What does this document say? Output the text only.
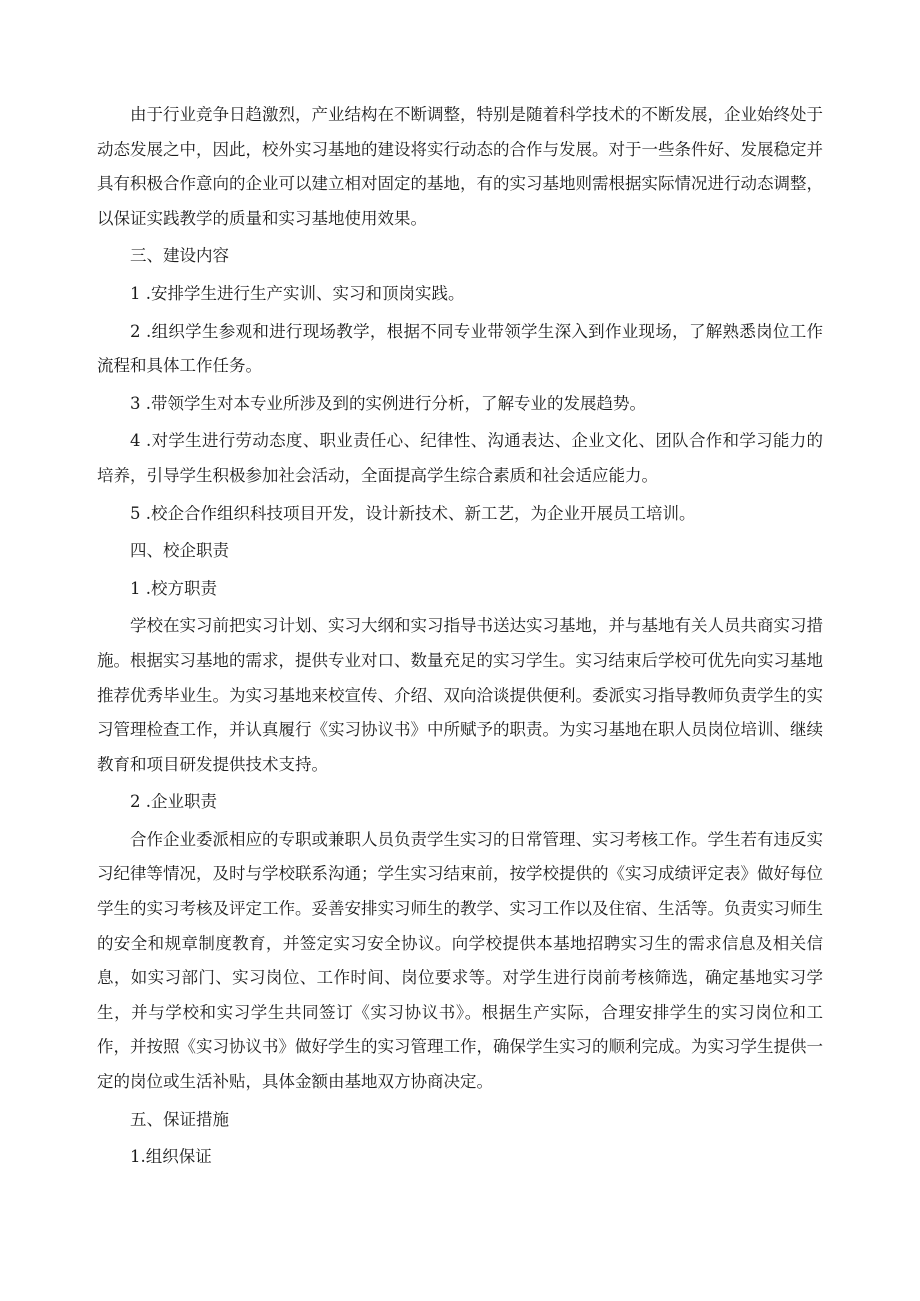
由于行业竞争日趋激烈，产业结构在不断调整，特别是随着科学技术的不断发展，企业始终处于动态发展之中，因此，校外实习基地的建设将实行动态的合作与发展。对于一些条件好、发展稳定并具有积极合作意向的企业可以建立相对固定的基地，有的实习基地则需根据实际情况进行动态调整，以保证实践教学的质量和实习基地使用效果。

三、建设内容

1 .安排学生进行生产实训、实习和顶岗实践。

2 .组织学生参观和进行现场教学，根据不同专业带领学生深入到作业现场，了解熟悉岗位工作流程和具体工作任务。

3 .带领学生对本专业所涉及到的实例进行分析，了解专业的发展趋势。

4 .对学生进行劳动态度、职业责任心、纪律性、沟通表达、企业文化、团队合作和学习能力的培养，引导学生积极参加社会活动，全面提高学生综合素质和社会适应能力。

5 .校企合作组织科技项目开发，设计新技术、新工艺，为企业开展员工培训。

四、校企职责

1 .校方职责

学校在实习前把实习计划、实习大纲和实习指导书送达实习基地，并与基地有关人员共商实习措施。根据实习基地的需求，提供专业对口、数量充足的实习学生。实习结束后学校可优先向实习基地推荐优秀毕业生。为实习基地来校宣传、介绍、双向洽谈提供便利。委派实习指导教师负责学生的实习管理检查工作，并认真履行《实习协议书》中所赋予的职责。为实习基地在职人员岗位培训、继续教育和项目研发提供技术支持。

2 .企业职责

合作企业委派相应的专职或兼职人员负责学生实习的日常管理、实习考核工作。学生若有违反实习纪律等情况，及时与学校联系沟通；学生实习结束前，按学校提供的《实习成绩评定表》做好每位学生的实习考核及评定工作。妥善安排实习师生的教学、实习工作以及住宿、生活等。负责实习师生的安全和规章制度教育，并签定实习安全协议。向学校提供本基地招聘实习生的需求信息及相关信息，如实习部门、实习岗位、工作时间、岗位要求等。对学生进行岗前考核筛选，确定基地实习学生，并与学校和实习学生共同签订《实习协议书》。根据生产实际，合理安排学生的实习岗位和工作，并按照《实习协议书》做好学生的实习管理工作，确保学生实习的顺利完成。为实习学生提供一定的岗位或生活补贴，具体金额由基地双方协商决定。

五、保证措施

1.组织保证
